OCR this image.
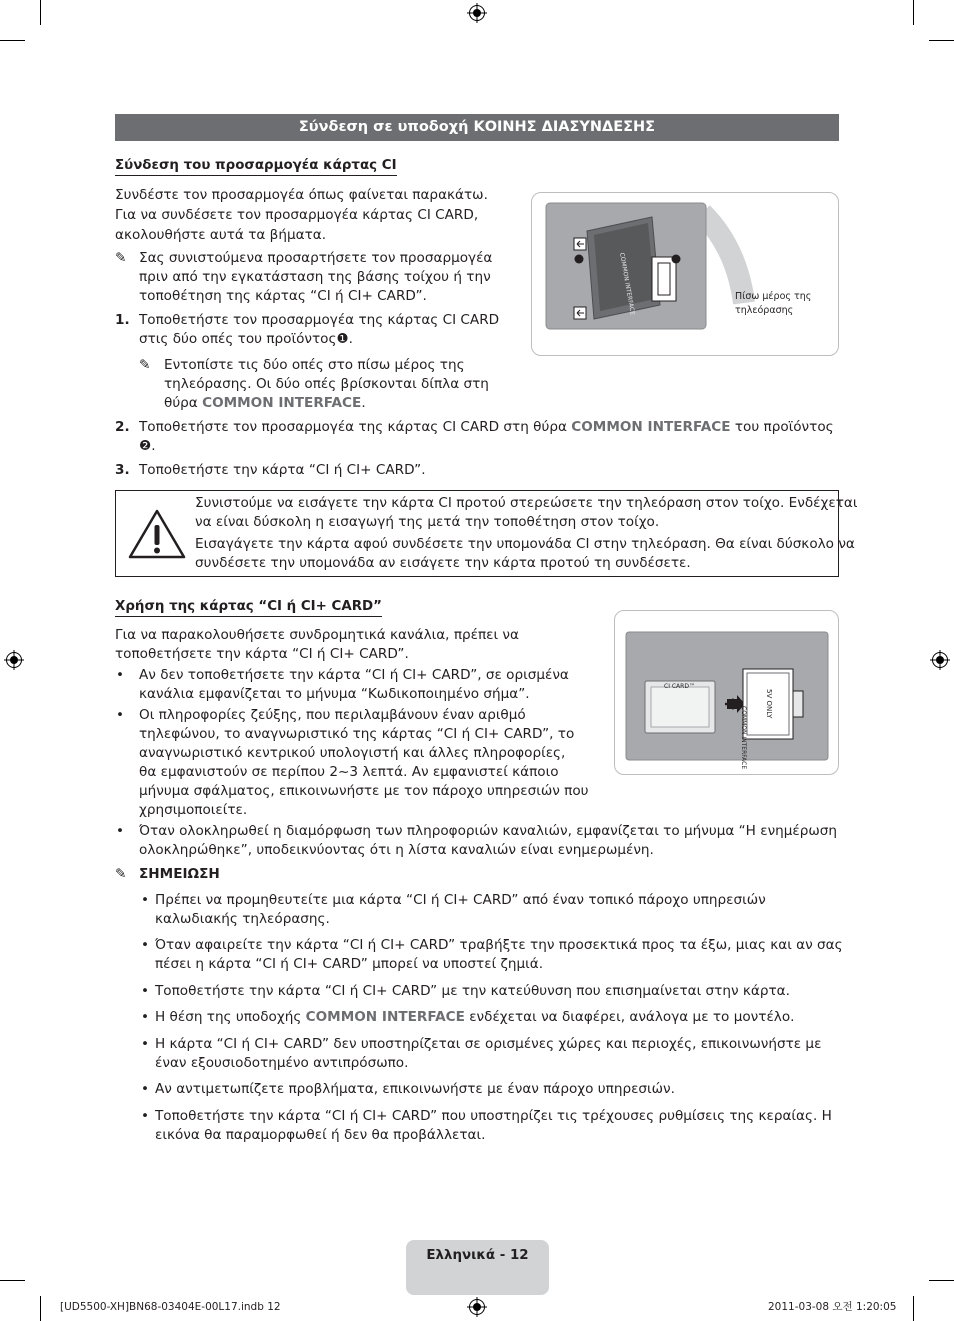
Σύνδεση σε υποδοχή ΚΟΙΝΗΣ ΔΙΑΣΥΝΔΕΣΗΣ
Σύνδεση του προσαρμογέα κάρτας CI
Συνδέστε τον προσαρμογέα όπως φαίνεται παρακάτω.
Για να συνδέσετε τον προσαρμογέα κάρτας CI CARD,
ακολουθήστε αυτά τα βήματα.
✎ Σας συνιστούμενα προσαρτήσετε τον προσαρμογέα
πριν από την εγκατάσταση της βάσης τοίχου ή την
τοποθέτηση της κάρτας “CI ή CI+ CARD”.
1. Τοποθετήστε τον προσαρμογέα της κάρτας CI CARD
στις δύο οπές του προϊόντος❶.
✎ Εντοπίστε τις δύο οπές στο πίσω μέρος της
τηλεόρασης. Οι δύο οπές βρίσκονται δίπλα στη
θύρα COMMON INTERFACE.
2. Τοποθετήστε τον προσαρμογέα της κάρτας CI CARD στη θύρα COMMON INTERFACE του προϊόντος
❷.
3. Τοποθετήστε την κάρτα “CI ή CI+ CARD”.
COMMON INTERFACE	Πίσω μέρος της
τηλεόρασης
Συνιστούμε να εισάγετε την κάρτα CI προτού στερεώσετε την τηλεόραση στον τοίχο. Ενδέχεται
να είναι δύσκολη η εισαγωγή της μετά την τοποθέτηση στον τοίχο.
Εισαγάγετε την κάρτα αφού συνδέσετε την υπομονάδα CI στην τηλεόραση. Θα είναι δύσκολο να
συνδέσετε την υπομονάδα αν εισάγετε την κάρτα προτού τη συνδέσετε.
Χρήση της κάρτας “CI ή CI+ CARD”
Για να παρακολουθήσετε συνδρομητικά κανάλια, πρέπει να
τοποθετήσετε την κάρτα “CI ή CI+ CARD”.
• Αν δεν τοποθετήσετε την κάρτα “CI ή CI+ CARD”, σε ορισμένα
κανάλια εμφανίζεται το μήνυμα “Κωδικοποιημένο σήμα”.
• Οι πληροφορίες ζεύξης, που περιλαμβάνουν έναν αριθμό
τηλεφώνου, το αναγνωριστικό της κάρτας “CI ή CI+ CARD”, το
αναγνωριστικό κεντρικού υπολογιστή και άλλες πληροφορίες,
θα εμφανιστούν σε περίπου 2~3 λεπτά. Αν εμφανιστεί κάποιο
μήνυμα σφάλματος, επικοινωνήστε με τον πάροχο υπηρεσιών που
χρησιμοποιείτε.
• Όταν ολοκληρωθεί η διαμόρφωση των πληροφοριών καναλιών, εμφανίζεται το μήνυμα “Η ενημέρωση
ολοκληρώθηκε”, υποδεικνύοντας ότι η λίστα καναλιών είναι ενημερωμένη.
CI CARD™
COMMON INTERFACE
5V ONLY
✎ ΣΗΜΕΙΩΣΗ
• Πρέπει να προμηθευτείτε μια κάρτα “CI ή CI+ CARD” από έναν τοπικό πάροχο υπηρεσιών
καλωδιακής τηλεόρασης.
• Όταν αφαιρείτε την κάρτα “CI ή CI+ CARD” τραβήξτε την προσεκτικά προς τα έξω, μιας και αν σας
πέσει η κάρτα “CI ή CI+ CARD” μπορεί να υποστεί ζημιά.
• Τοποθετήστε την κάρτα “CI ή CI+ CARD” με την κατεύθυνση που επισημαίνεται στην κάρτα.
• Η θέση της υποδοχής COMMON INTERFACE ενδέχεται να διαφέρει, ανάλογα με το μοντέλο.
• Η κάρτα “CI ή CI+ CARD” δεν υποστηρίζεται σε ορισμένες χώρες και περιοχές, επικοινωνήστε με
έναν εξουσιοδοτημένο αντιπρόσωπο.
• Αν αντιμετωπίζετε προβλήματα, επικοινωνήστε με έναν πάροχο υπηρεσιών.
• Τοποθετήστε την κάρτα “CI ή CI+ CARD” που υποστηρίζει τις τρέχουσες ρυθμίσεις της κεραίας. Η
εικόνα θα παραμορφωθεί ή δεν θα προβάλλεται.
Ελληνικά - 12
[UD5500-XH]BN68-03404E-00L17.indb 12	2011-03-08 오전 1:20:05
